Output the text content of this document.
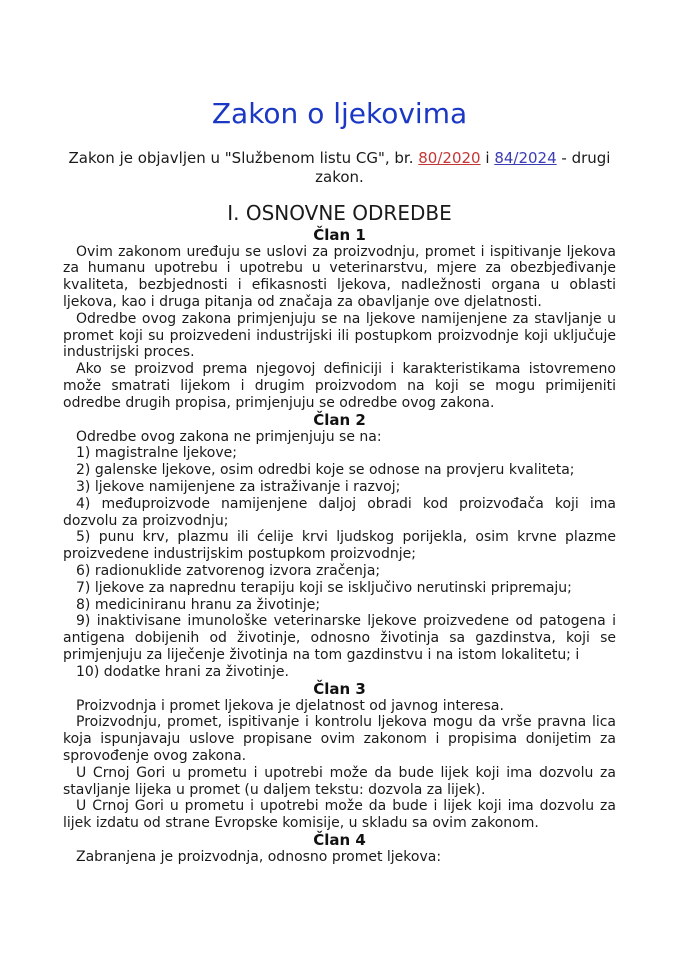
Zakon o ljekovima

Zakon je objavljen u "Službenom listu CG", br. 80/2020 i 84/2024 - drugi zakon.

I. OSNOVNE ODREDBE
Član 1

Ovim zakonom uređuju se uslovi za proizvodnju, promet i ispitivanje ljekova za humanu upotrebu i upotrebu u veterinarstvu, mjere za obezbjeđivanje kvaliteta, bezbjednosti i efikasnosti ljekova, nadležnosti organa u oblasti ljekova, kao i druga pitanja od značaja za obavljanje ove djelatnosti.

Odredbe ovog zakona primjenjuju se na ljekove namijenjene za stavljanje u promet koji su proizvedeni industrijski ili postupkom proizvodnje koji uključuje industrijski proces.

Ako se proizvod prema njegovoj definiciji i karakteristikama istovremeno može smatrati lijekom i drugim proizvodom na koji se mogu primijeniti odredbe drugih propisa, primjenjuju se odredbe ovog zakona.

Član 2

Odredbe ovog zakona ne primjenjuju se na:

1) magistralne ljekove;

2) galenske ljekove, osim odredbi koje se odnose na provjeru kvaliteta;

3) ljekove namijenjene za istraživanje i razvoj;

4) međuproizvode namijenjene daljoj obradi kod proizvođača koji ima dozvolu za proizvodnju;

5) punu krv, plazmu ili ćelije krvi ljudskog porijekla, osim krvne plazme proizvedene industrijskim postupkom proizvodnje;

6) radionuklide zatvorenog izvora zračenja;

7) ljekove za naprednu terapiju koji se isključivo nerutinski pripremaju;

8) mediciniranu hranu za životinje;

9) inaktivisane imunološke veterinarske ljekove proizvedene od patogena i antigena dobijenih od životinje, odnosno životinja sa gazdinstva, koji se primjenjuju za liječenje životinja na tom gazdinstvu i na istom lokalitetu; i

10) dodatke hrani za životinje.

Član 3

Proizvodnja i promet ljekova je djelatnost od javnog interesa.

Proizvodnju, promet, ispitivanje i kontrolu ljekova mogu da vrše pravna lica koja ispunjavaju uslove propisane ovim zakonom i propisima donijetim za sprovođenje ovog zakona.

U Crnoj Gori u prometu i upotrebi može da bude lijek koji ima dozvolu za stavljanje lijeka u promet (u daljem tekstu: dozvola za lijek).

U Crnoj Gori u prometu i upotrebi može da bude i lijek koji ima dozvolu za lijek izdatu od strane Evropske komisije, u skladu sa ovim zakonom.

Član 4

Zabranjena je proizvodnja, odnosno promet ljekova:
